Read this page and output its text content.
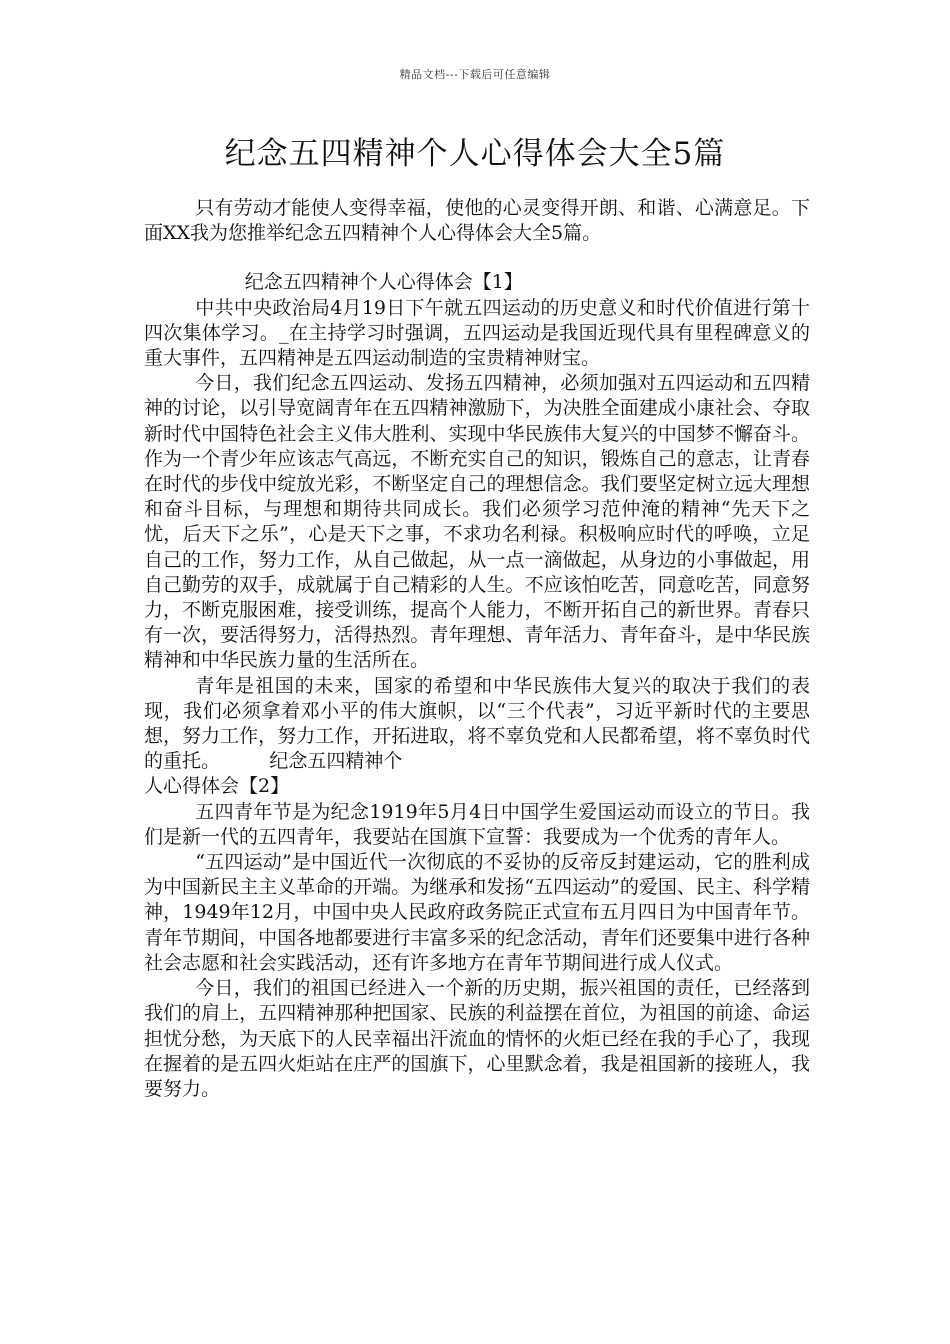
精品文档---下载后可任意编辑
纪念五四精神个人心得体会大全5篇

只有劳动才能使人变得幸福，使他的心灵变得开朗、和谐、心满意足。下面XX我为您推举纪念五四精神个人心得体会大全5篇。

纪念五四精神个人心得体会【1】

中共中央政治局4月19日下午就五四运动的历史意义和时代价值进行第十四次集体学习。_在主持学习时强调，五四运动是我国近现代具有里程碑意义的重大事件，五四精神是五四运动制造的宝贵精神财宝。

今日，我们纪念五四运动、发扬五四精神，必须加强对五四运动和五四精神的讨论，以引导宽阔青年在五四精神激励下，为决胜全面建成小康社会、夺取新时代中国特色社会主义伟大胜利、实现中华民族伟大复兴的中国梦不懈奋斗。作为一个青少年应该志气高远，不断充实自己的知识，锻炼自己的意志，让青春在时代的步伐中绽放光彩，不断坚定自己的理想信念。我们要坚定树立远大理想和奋斗目标，与理想和期待共同成长。我们必须学习范仲淹的精神“先天下之忧，后天下之乐”，心是天下之事，不求功名利禄。积极响应时代的呼唤，立足自己的工作，努力工作，从自己做起，从一点一滴做起，从身边的小事做起，用自己勤劳的双手，成就属于自己精彩的人生。不应该怕吃苦，同意吃苦，同意努力，不断克服困难，接受训练，提高个人能力，不断开拓自己的新世界。青春只有一次，要活得努力，活得热烈。青年理想、青年活力、青年奋斗，是中华民族精神和中华民族力量的生活所在。

青年是祖国的未来，国家的希望和中华民族伟大复兴的取决于我们的表现，我们必须拿着邓小平的伟大旗帜，以“三个代表”，习近平新时代的主要思想，努力工作，努力工作，开拓进取，将不辜负党和人民都希望，将不辜负时代的重托。	纪念五四精神个

人心得体会【2】

五四青年节是为纪念1919年5月4日中国学生爱国运动而设立的节日。我们是新一代的五四青年，我要站在国旗下宣誓：我要成为一个优秀的青年人。

“五四运动”是中国近代一次彻底的不妥协的反帝反封建运动，它的胜利成为中国新民主主义革命的开端。为继承和发扬“五四运动”的爱国、民主、科学精神，1949年12月，中国中央人民政府政务院正式宣布五月四日为中国青年节。青年节期间，中国各地都要进行丰富多采的纪念活动，青年们还要集中进行各种社会志愿和社会实践活动，还有许多地方在青年节期间进行成人仪式。

今日，我们的祖国已经进入一个新的历史期，振兴祖国的责任，已经落到我们的肩上，五四精神那种把国家、民族的利益摆在首位，为祖国的前途、命运担忧分愁，为天底下的人民幸福出汗流血的情怀的火炬已经在我的手心了，我现在握着的是五四火炬站在庄严的国旗下，心里默念着，我是祖国新的接班人，我要努力。
